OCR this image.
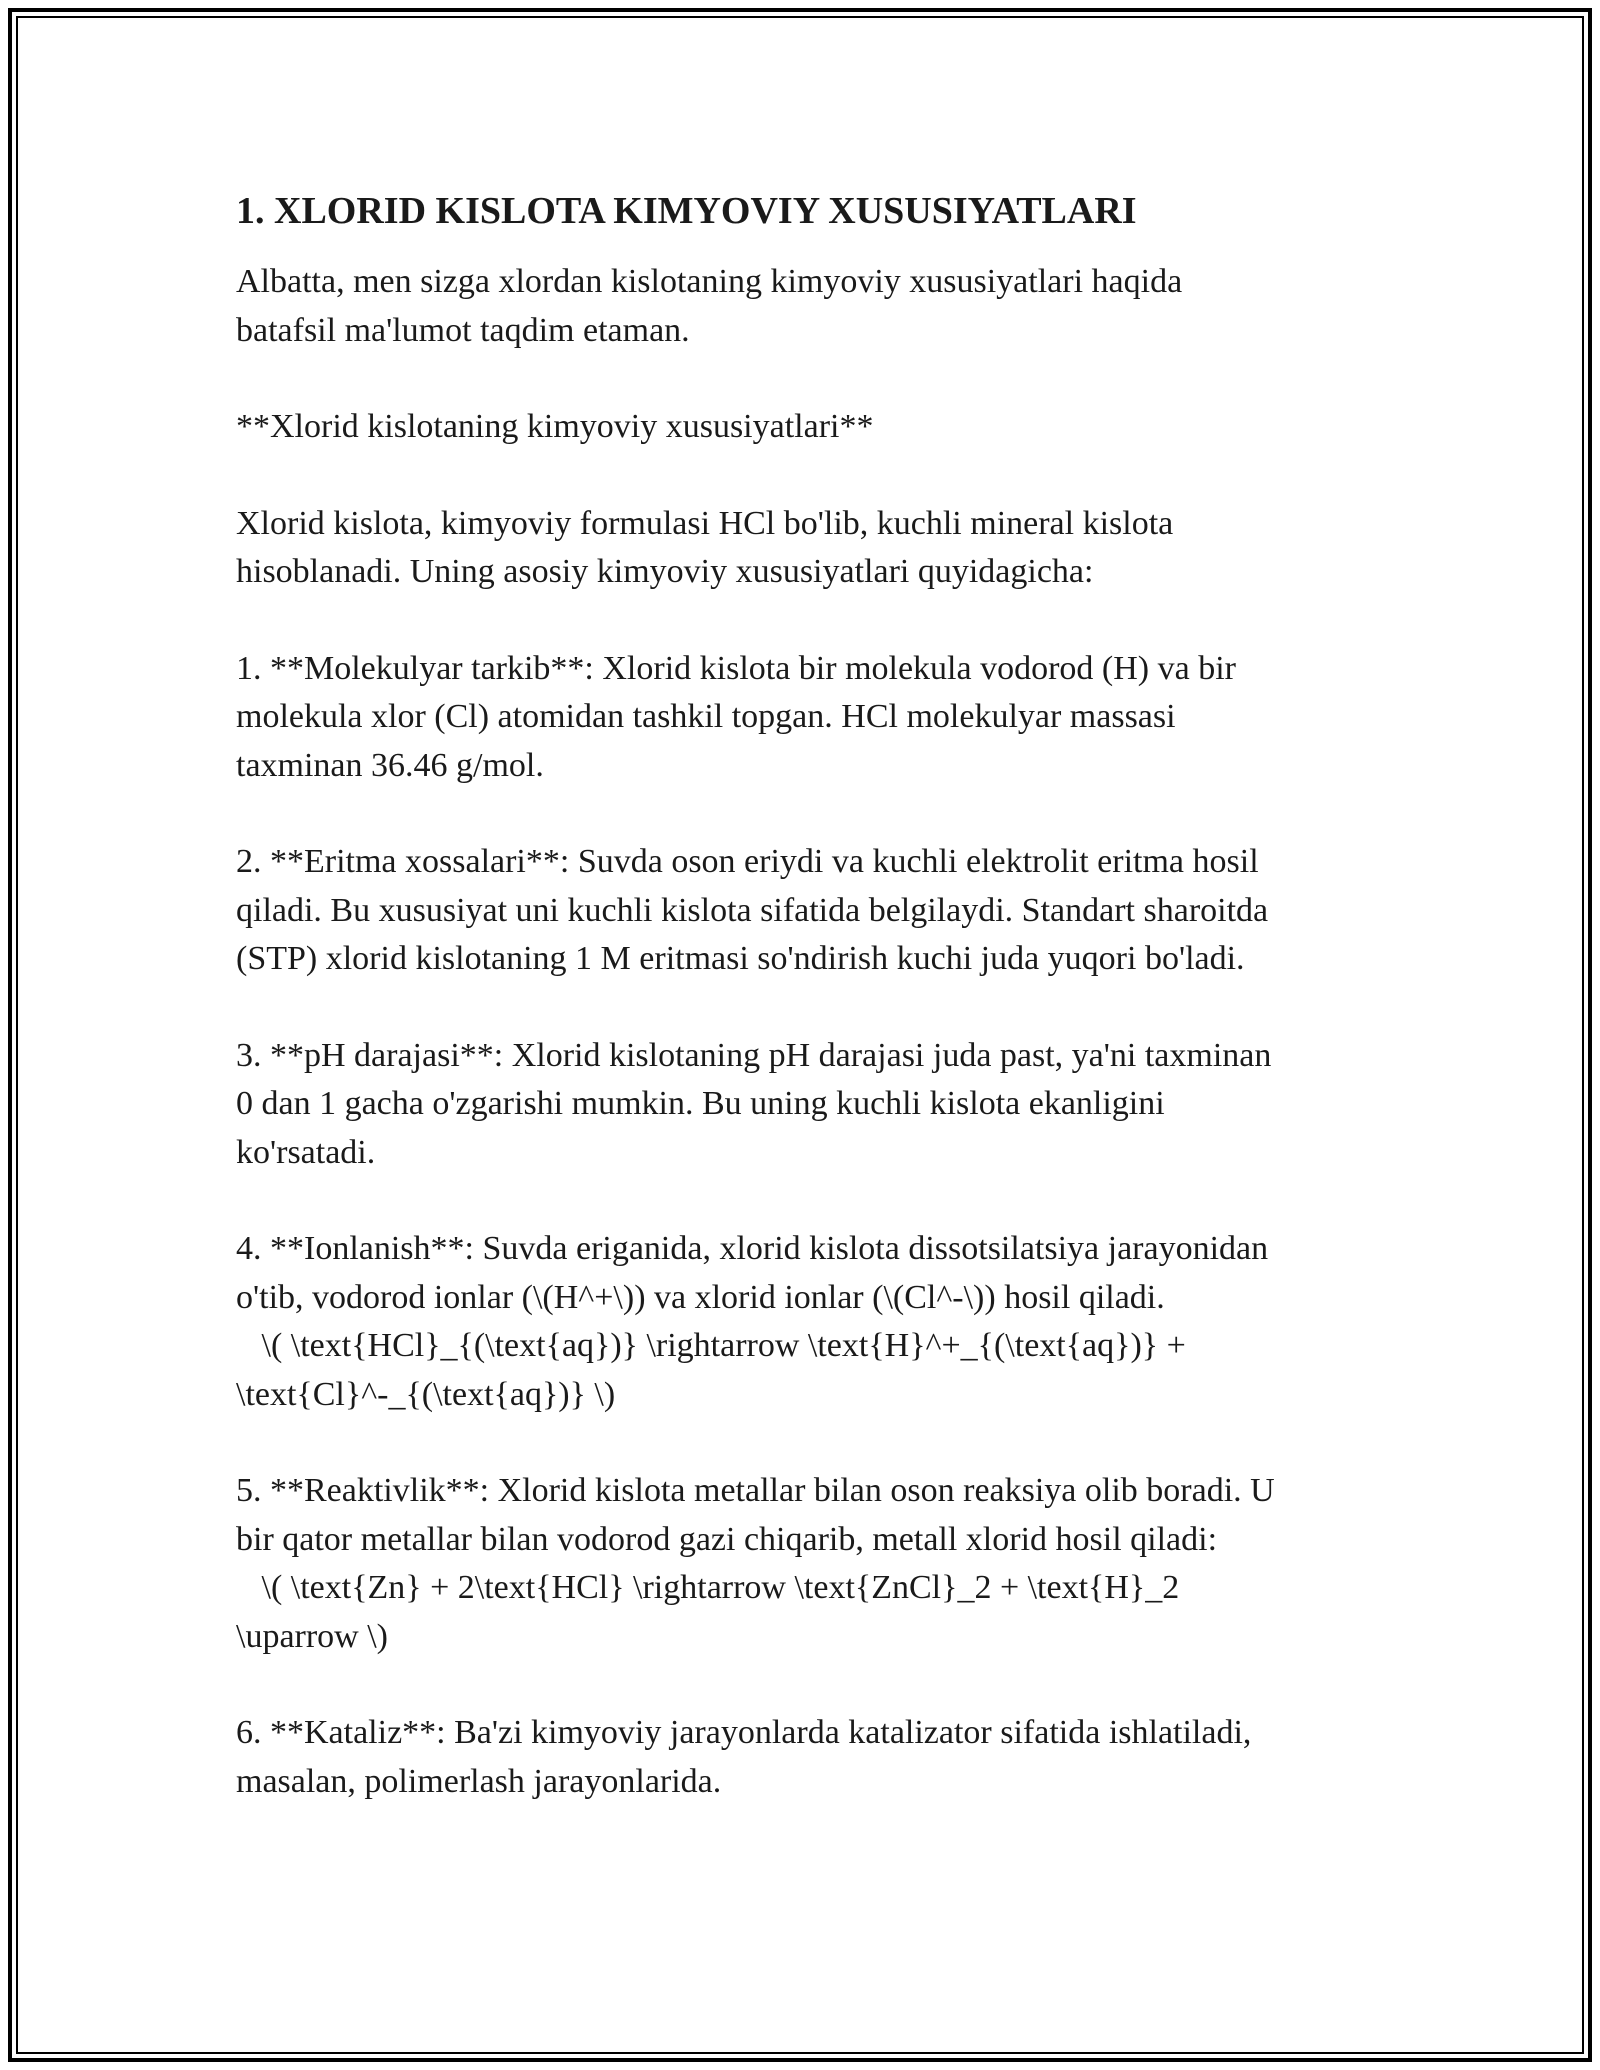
1. XLORID KISLOTA KIMYOVIY XUSUSIYATLARI

Albatta, men sizga xlordan kislotaning kimyoviy xususiyatlari haqida
batafsil ma'lumot taqdim etaman.

**Xlorid kislotaning kimyoviy xususiyatlari**

Xlorid kislota, kimyoviy formulasi HCl bo'lib, kuchli mineral kislota
hisoblanadi. Uning asosiy kimyoviy xususiyatlari quyidagicha:

1. **Molekulyar tarkib**: Xlorid kislota bir molekula vodorod (H) va bir
molekula xlor (Cl) atomidan tashkil topgan. HCl molekulyar massasi
taxminan 36.46 g/mol.

2. **Eritma xossalari**: Suvda oson eriydi va kuchli elektrolit eritma hosil
qiladi. Bu xususiyat uni kuchli kislota sifatida belgilaydi. Standart sharoitda
(STP) xlorid kislotaning 1 M eritmasi so'ndirish kuchi juda yuqori bo'ladi.

3. **pH darajasi**: Xlorid kislotaning pH darajasi juda past, ya'ni taxminan
0 dan 1 gacha o'zgarishi mumkin. Bu uning kuchli kislota ekanligini
ko'rsatadi.

4. **Ionlanish**: Suvda eriganida, xlorid kislota dissotsilatsiya jarayonidan
o'tib, vodorod ionlar (\(H^+\)) va xlorid ionlar (\(Cl^-\)) hosil qiladi.
\( \text{HCl}_{(\text{aq})} \rightarrow \text{H}^+_{(\text{aq})} +
\text{Cl}^-_{(\text{aq})} \)

5. **Reaktivlik**: Xlorid kislota metallar bilan oson reaksiya olib boradi. U
bir qator metallar bilan vodorod gazi chiqarib, metall xlorid hosil qiladi:
\( \text{Zn} + 2\text{HCl} \rightarrow \text{ZnCl}_2 + \text{H}_2
\uparrow \)

6. **Kataliz**: Ba'zi kimyoviy jarayonlarda katalizator sifatida ishlatiladi,
masalan, polimerlash jarayonlarida.
